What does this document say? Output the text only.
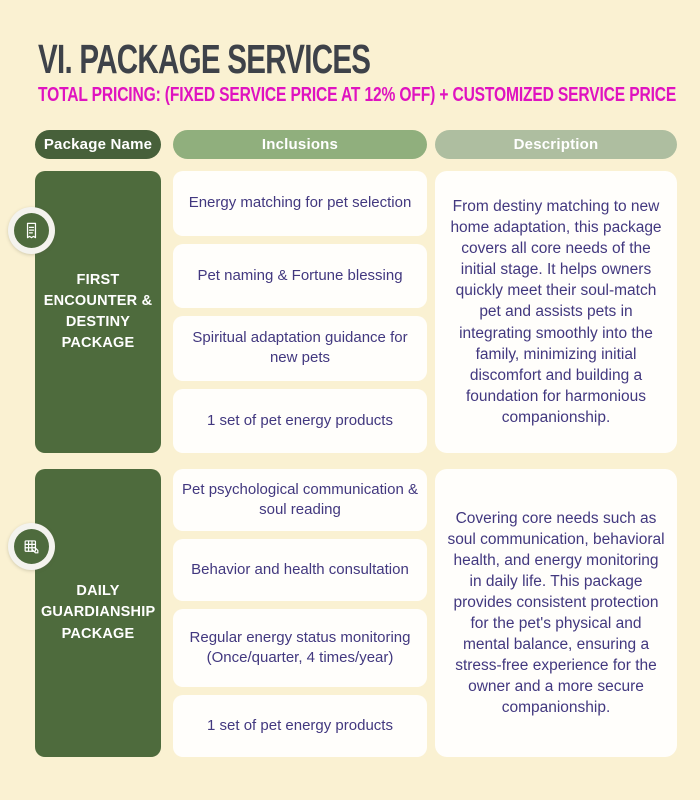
VI. PACKAGE SERVICES
TOTAL PRICING: (FIXED SERVICE PRICE AT 12% OFF) + CUSTOMIZED SERVICE PRICE
Package Name	Inclusions	Description
FIRST ENCOUNTER & DESTINY PACKAGE
Energy matching for pet selection
Pet naming & Fortune blessing
Spiritual adaptation guidance for new pets
1 set of pet energy products

From destiny matching to new home adaptation, this package covers all core needs of the initial stage. It helps owners quickly meet their soul-match pet and assists pets in integrating smoothly into the family, minimizing initial discomfort and building a foundation for harmonious companionship.

DAILY GUARDIANSHIP PACKAGE
Pet psychological communication & soul reading
Behavior and health consultation
Regular energy status monitoring (Once/quarter, 4 times/year)
1 set of pet energy products

Covering core needs such as soul communication, behavioral health, and energy monitoring in daily life. This package provides consistent protection for the pet's physical and mental balance, ensuring a stress-free experience for the owner and a more secure companionship.
